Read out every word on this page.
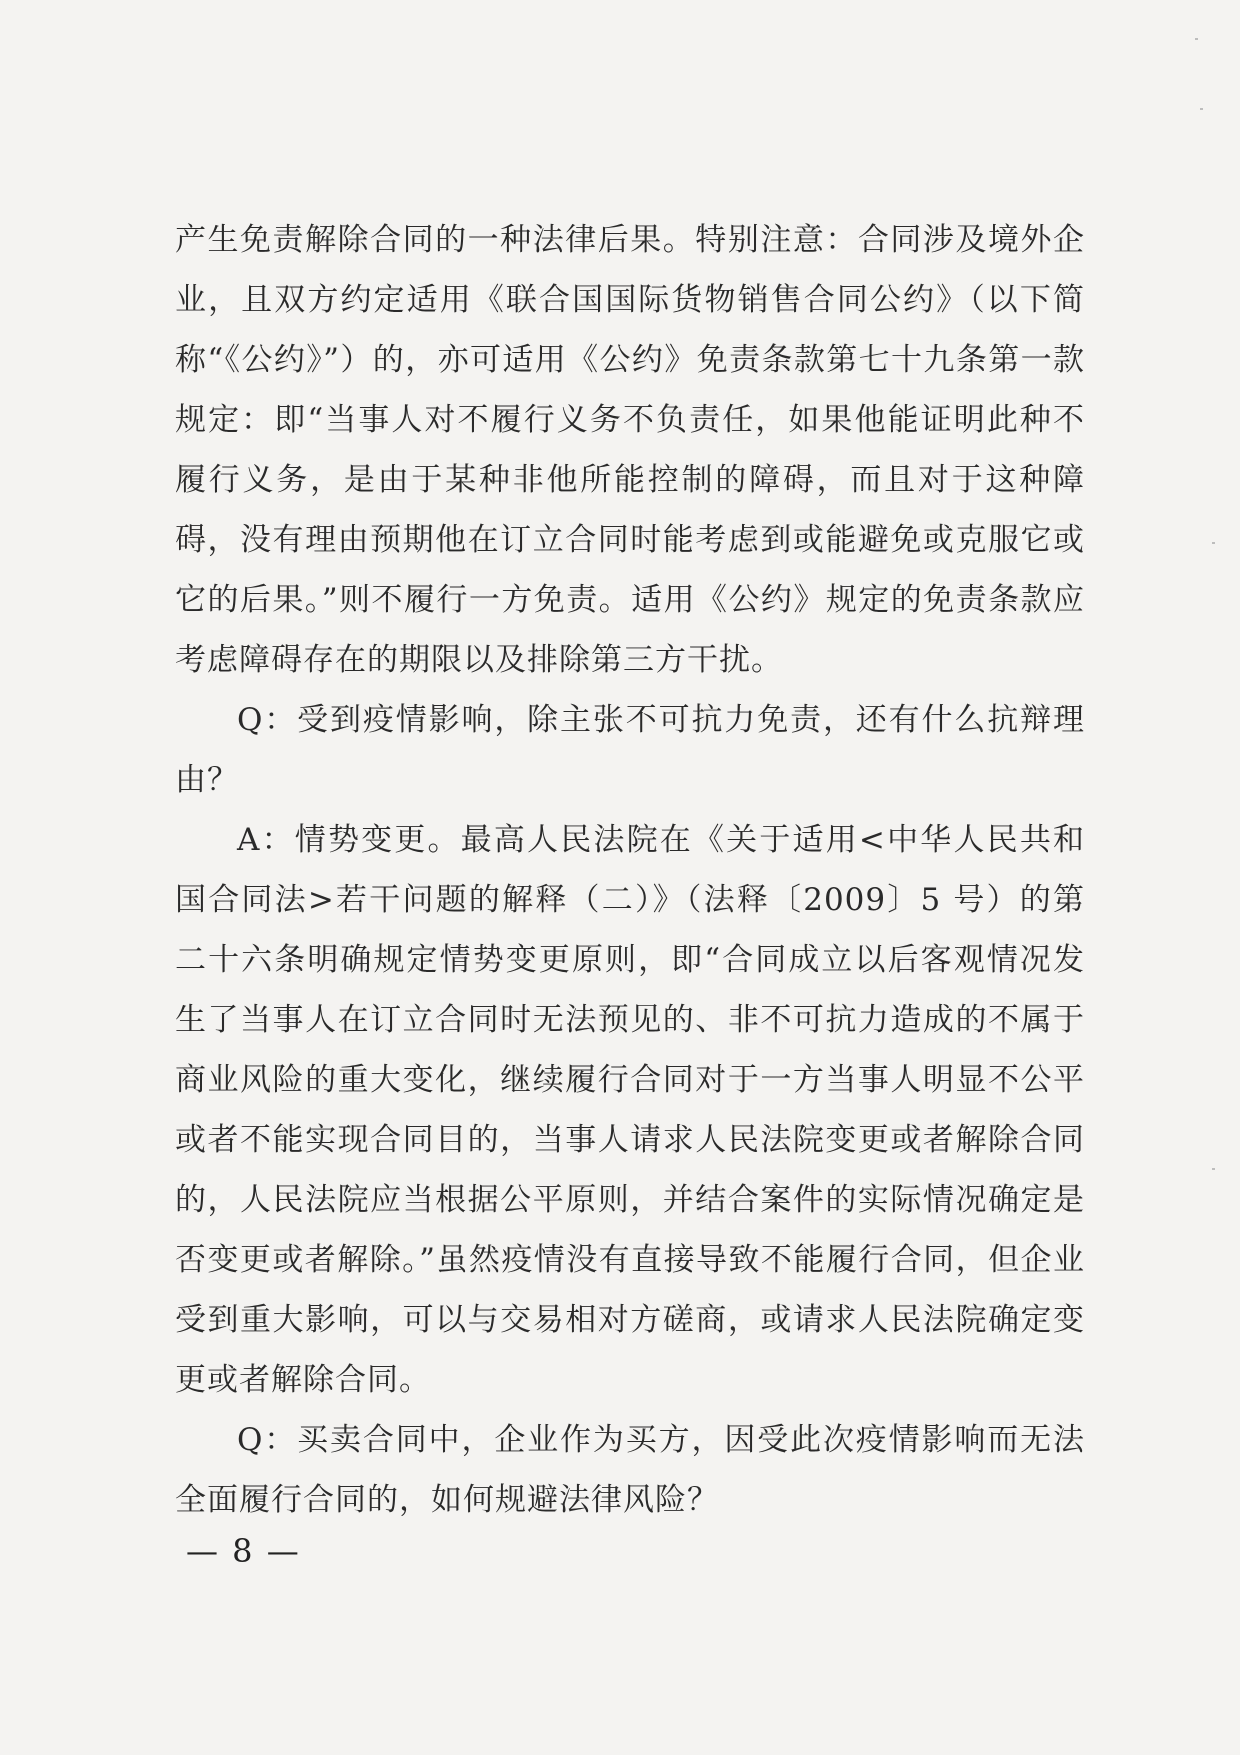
产生免责解除合同的一种法律后果。特别注意：合同涉及境外企业，且双方约定适用《联合国国际货物销售合同公约》（以下简称“《公约》”）的，亦可适用《公约》免责条款第七十九条第一款规定：即“当事人对不履行义务不负责任，如果他能证明此种不履行义务，是由于某种非他所能控制的障碍，而且对于这种障碍，没有理由预期他在订立合同时能考虑到或能避免或克服它或它的后果。”则不履行一方免责。适用《公约》规定的免责条款应考虑障碍存在的期限以及排除第三方干扰。

Q：受到疫情影响，除主张不可抗力免责，还有什么抗辩理由？

A：情势变更。最高人民法院在《关于适用<中华人民共和国合同法>若干问题的解释（二）》（法释〔2009〕5 号）的第二十六条明确规定情势变更原则，即“合同成立以后客观情况发生了当事人在订立合同时无法预见的、非不可抗力造成的不属于商业风险的重大变化，继续履行合同对于一方当事人明显不公平或者不能实现合同目的，当事人请求人民法院变更或者解除合同的，人民法院应当根据公平原则，并结合案件的实际情况确定是否变更或者解除。”虽然疫情没有直接导致不能履行合同，但企业受到重大影响，可以与交易相对方磋商，或请求人民法院确定变更或者解除合同。

Q：买卖合同中，企业作为买方，因受此次疫情影响而无法全面履行合同的，如何规避法律风险？

— 8 —
